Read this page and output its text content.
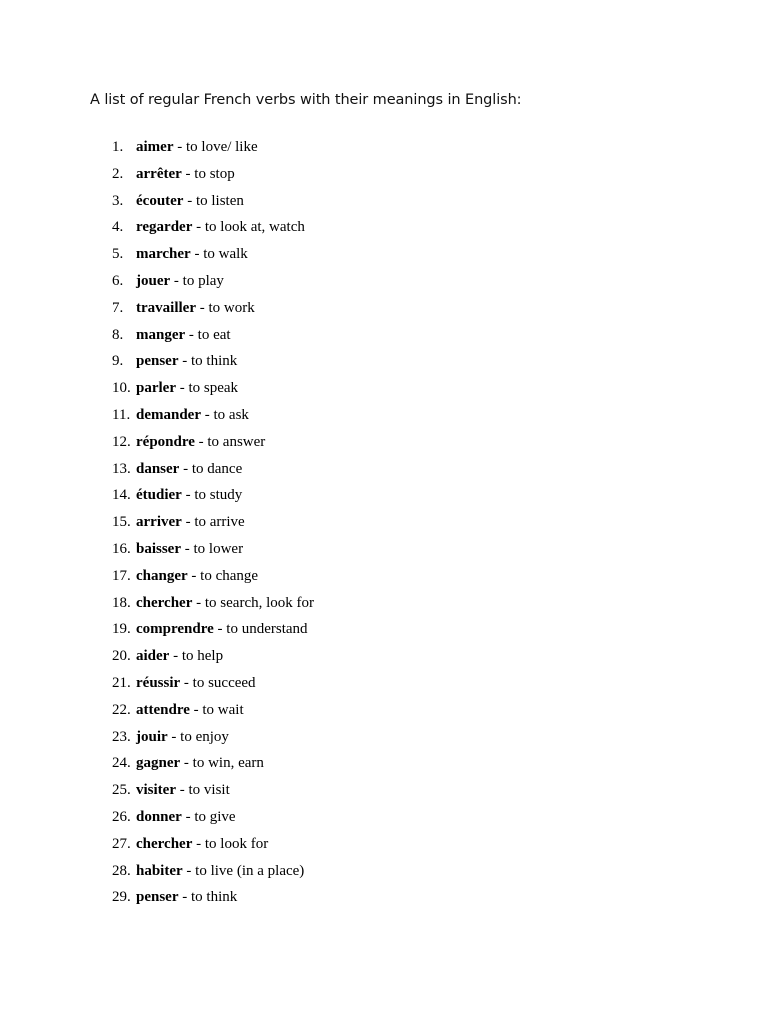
A list of regular French verbs with their meanings in English:
1. aimer - to love/ like
2. arrêter - to stop
3. écouter - to listen
4. regarder - to look at, watch
5. marcher - to walk
6. jouer - to play
7. travailler - to work
8. manger - to eat
9. penser - to think
10. parler - to speak
11. demander - to ask
12. répondre - to answer
13. danser - to dance
14. étudier - to study
15. arriver - to arrive
16. baisser - to lower
17. changer - to change
18. chercher - to search, look for
19. comprendre - to understand
20. aider - to help
21. réussir - to succeed
22. attendre - to wait
23. jouir - to enjoy
24. gagner - to win, earn
25. visiter - to visit
26. donner - to give
27. chercher - to look for
28. habiter - to live (in a place)
29. penser - to think
